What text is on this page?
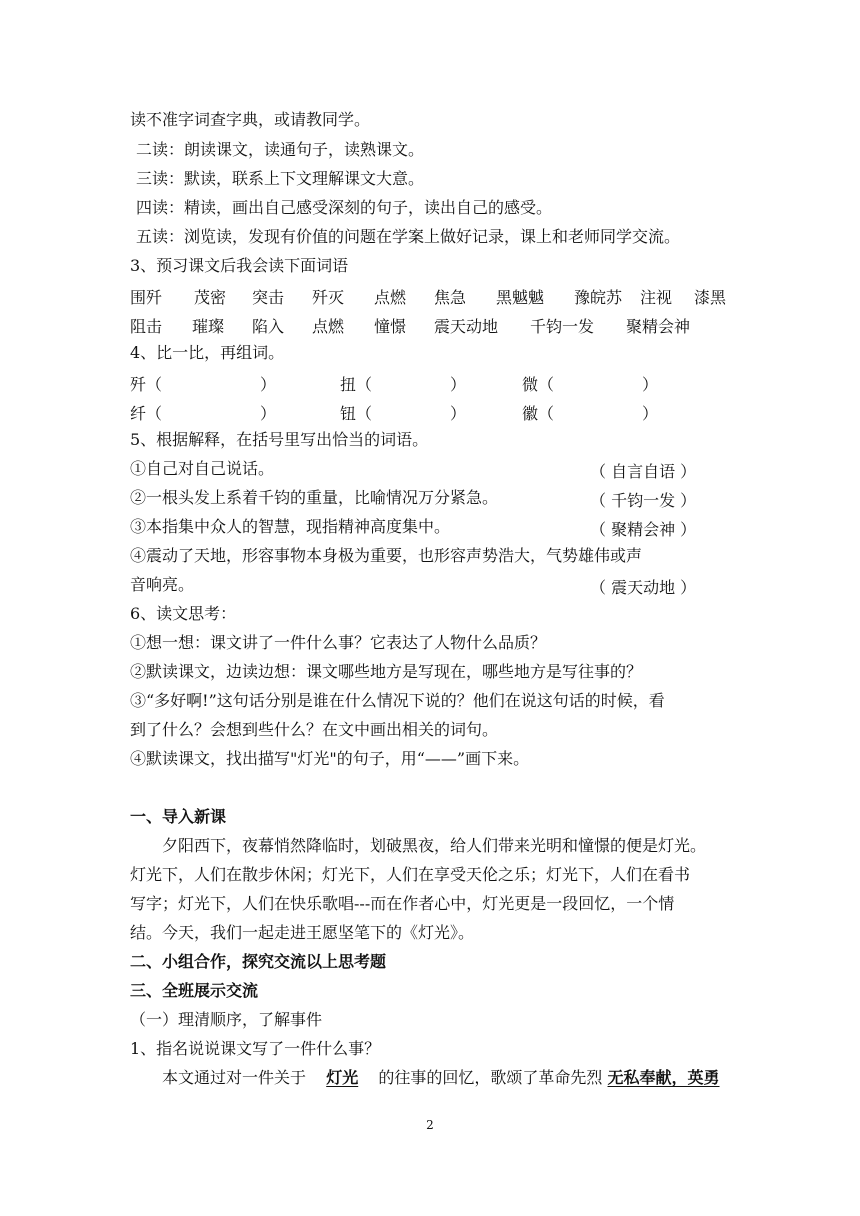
读不准字词查字典，或请教同学。
二读：朗读课文，读通句子，读熟课文。
三读：默读，联系上下文理解课文大意。
四读：精读，画出自己感受深刻的句子，读出自己的感受。
五读：浏览读，发现有价值的问题在学案上做好记录，课上和老师同学交流。
3、预习课文后我会读下面词语
围歼 茂密 突击 歼灭 点燃 焦急 黑魆魆 豫皖苏 注视 漆黑
阻击 璀璨 陷入 点燃 憧憬 震天动地 千钧一发 聚精会神
4、比一比，再组词。
歼（	）	扭（	）	微（	）
纤（	）	钮（	）	徽（	）
5、根据解释，在括号里写出恰当的词语。
①自己对自己说话。	（ 自言自语 ）
②一根头发上系着千钧的重量，比喻情况万分紧急。	（ 千钧一发 ）
③本指集中众人的智慧，现指精神高度集中。	（ 聚精会神 ）
④震动了天地，形容事物本身极为重要，也形容声势浩大，气势雄伟或声
音响亮。	（ 震天动地 ）
6、读文思考：
①想一想：课文讲了一件什么事？它表达了人物什么品质？
②默读课文，边读边想：课文哪些地方是写现在，哪些地方是写往事的？
③“多好啊!”这句话分别是谁在什么情况下说的？他们在说这句话的时候，看
到了什么？会想到些什么？在文中画出相关的词句。
④默读课文，找出描写"灯光"的句子，用“——”画下来。
一、导入新课
夕阳西下，夜幕悄然降临时，划破黑夜，给人们带来光明和憧憬的便是灯光。
灯光下，人们在散步休闲；灯光下，人们在享受天伦之乐；灯光下，人们在看书
写字；灯光下，人们在快乐歌唱---而在作者心中，灯光更是一段回忆，一个情
结。今天，我们一起走进王愿坚笔下的《灯光》。
二、小组合作，探究交流以上思考题
三、全班展示交流
（一）理清顺序，了解事件
1、指名说说课文写了一件什么事？
本文通过对一件关于 灯光 的往事的回忆，歌颂了革命先烈 无私奉献，英勇
2
